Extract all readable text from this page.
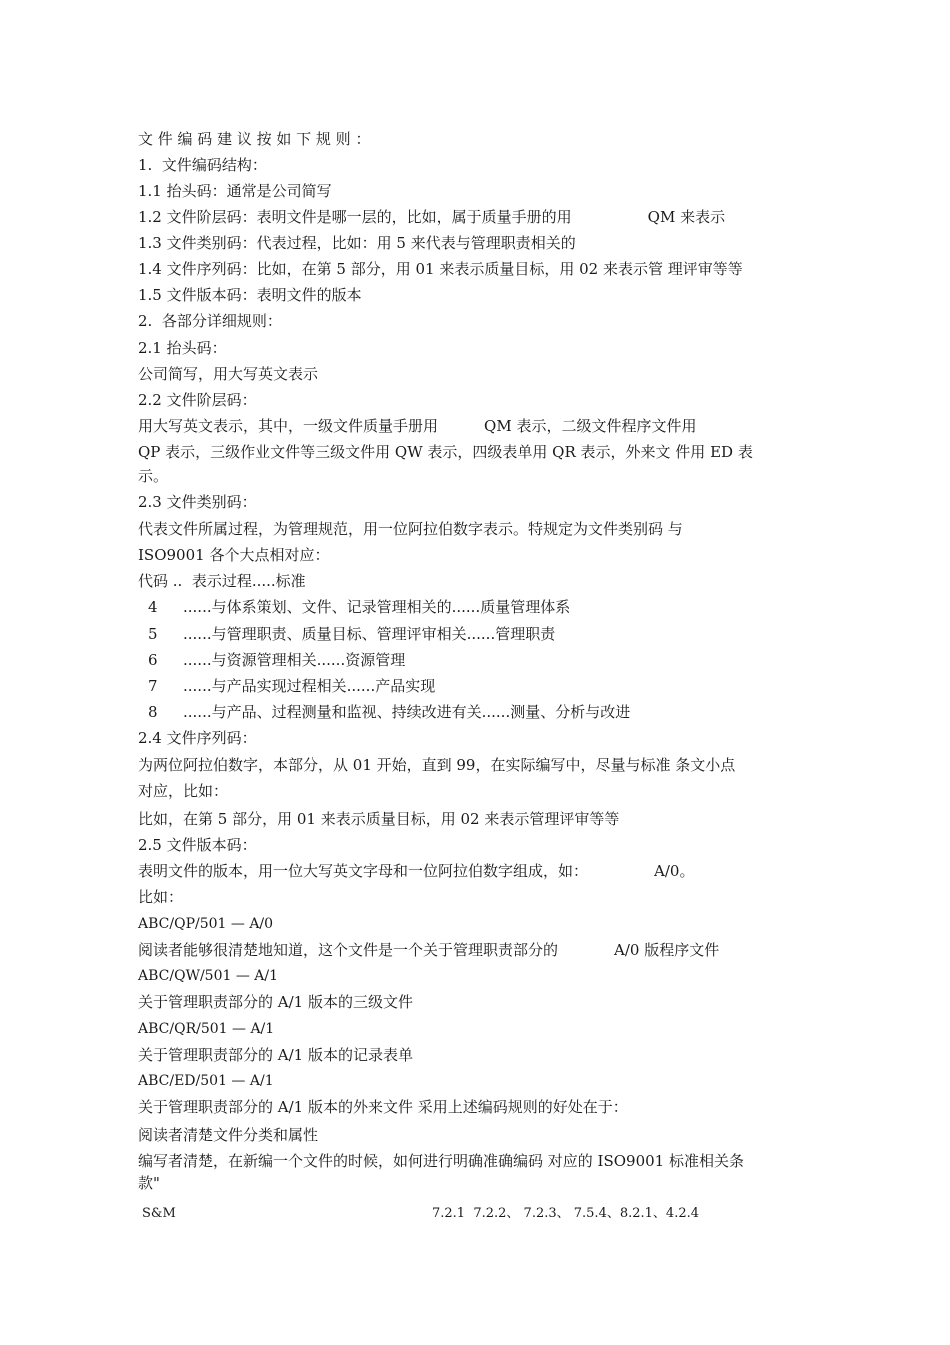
文 件 编 码 建 议 按 如 下 规 则 ：
1.  文件编码结构：
1.1 抬头码：通常是公司简写
1.2 文件阶层码：表明文件是哪一层的，比如，属于质量手册的用	QM 来表示
1.3 文件类别码：代表过程，比如：用 5 来代表与管理职责相关的
1.4 文件序列码：比如，在第 5 部分，用 01 来表示质量目标，用 02 来表示管 理评审等等
1.5 文件版本码：表明文件的版本
2.  各部分详细规则：
2.1 抬头码：
公司简写，用大写英文表示
2.2 文件阶层码：
用大写英文表示，其中，一级文件质量手册用	QM 表示，二级文件程序文件用
QP 表示，三级作业文件等三级文件用 QW 表示，四级表单用 QR 表示，外来文 件用 ED 表
示。
2.3 文件类别码：
代表文件所属过程，为管理规范，用一位阿拉伯数字表示。特规定为文件类别码 与
ISO9001 各个大点相对应：
代码 ..  表示过程.....标准
4 ......与体系策划、文件、记录管理相关的......质量管理体系
5 ......与管理职责、质量目标、管理评审相关......管理职责
6 ......与资源管理相关......资源管理
7 ......与产品实现过程相关......产品实现
8 ......与产品、过程测量和监视、持续改进有关......测量、分析与改进
2.4 文件序列码：
为两位阿拉伯数字，本部分，从 01 开始，直到 99，在实际编写中，尽量与标准 条文小点
对应，比如：
比如，在第 5 部分，用 01 来表示质量目标，用 02 来表示管理评审等等
2.5 文件版本码：
表明文件的版本，用一位大写英文字母和一位阿拉伯数字组成，如：	A/0。
比如：
ABC/QP/501 — A/0
阅读者能够很清楚地知道，这个文件是一个关于管理职责部分的	A/0 版程序文件
ABC/QW/501 — A/1
关于管理职责部分的 A/1 版本的三级文件
ABC/QR/501 — A/1
关于管理职责部分的 A/1 版本的记录表单
ABC/ED/501 — A/1
关于管理职责部分的 A/1 版本的外来文件 采用上述编码规则的好处在于：
阅读者清楚文件分类和属性
编写者清楚，在新编一个文件的时候，如何进行明确准确编码 对应的 ISO9001 标准相关条
款"
S&M	7.2.1  7.2.2、 7.2.3、 7.5.4、8.2.1、4.2.4
